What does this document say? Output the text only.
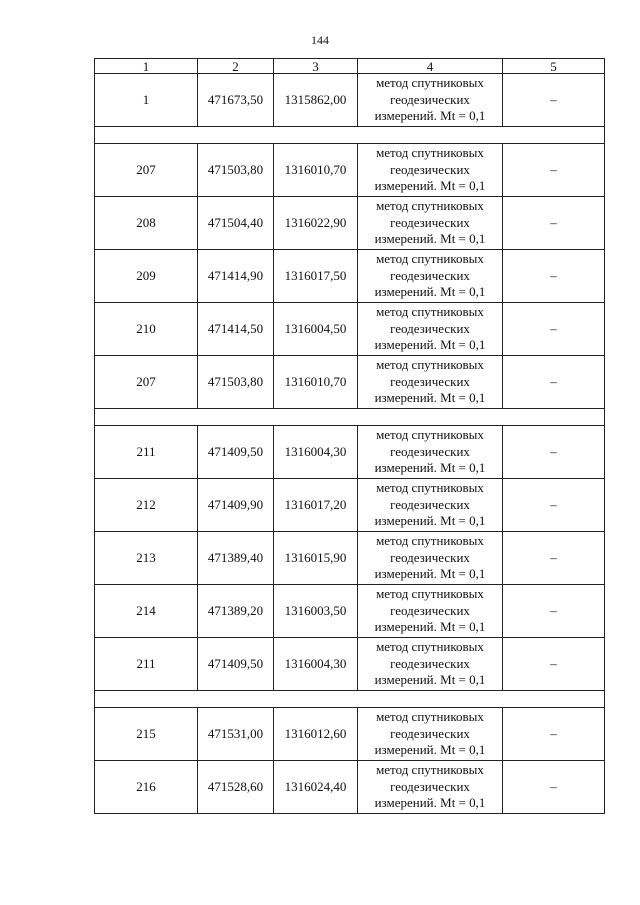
144
1	2	3	4	5
1	471673,50	1315862,00	метод спутниковых
геодезических
измерений. Mt = 0,1	–

207	471503,80	1316010,70	метод спутниковых
геодезических
измерений. Mt = 0,1	–
208	471504,40	1316022,90	метод спутниковых
геодезических
измерений. Mt = 0,1	–
209	471414,90	1316017,50	метод спутниковых
геодезических
измерений. Mt = 0,1	–
210	471414,50	1316004,50	метод спутниковых
геодезических
измерений. Mt = 0,1	–
207	471503,80	1316010,70	метод спутниковых
геодезических
измерений. Mt = 0,1	–

211	471409,50	1316004,30	метод спутниковых
геодезических
измерений. Mt = 0,1	–
212	471409,90	1316017,20	метод спутниковых
геодезических
измерений. Mt = 0,1	–
213	471389,40	1316015,90	метод спутниковых
геодезических
измерений. Mt = 0,1	–
214	471389,20	1316003,50	метод спутниковых
геодезических
измерений. Mt = 0,1	–
211	471409,50	1316004,30	метод спутниковых
геодезических
измерений. Mt = 0,1	–

215	471531,00	1316012,60	метод спутниковых
геодезических
измерений. Mt = 0,1	–
216	471528,60	1316024,40	метод спутниковых
геодезических
измерений. Mt = 0,1	–
